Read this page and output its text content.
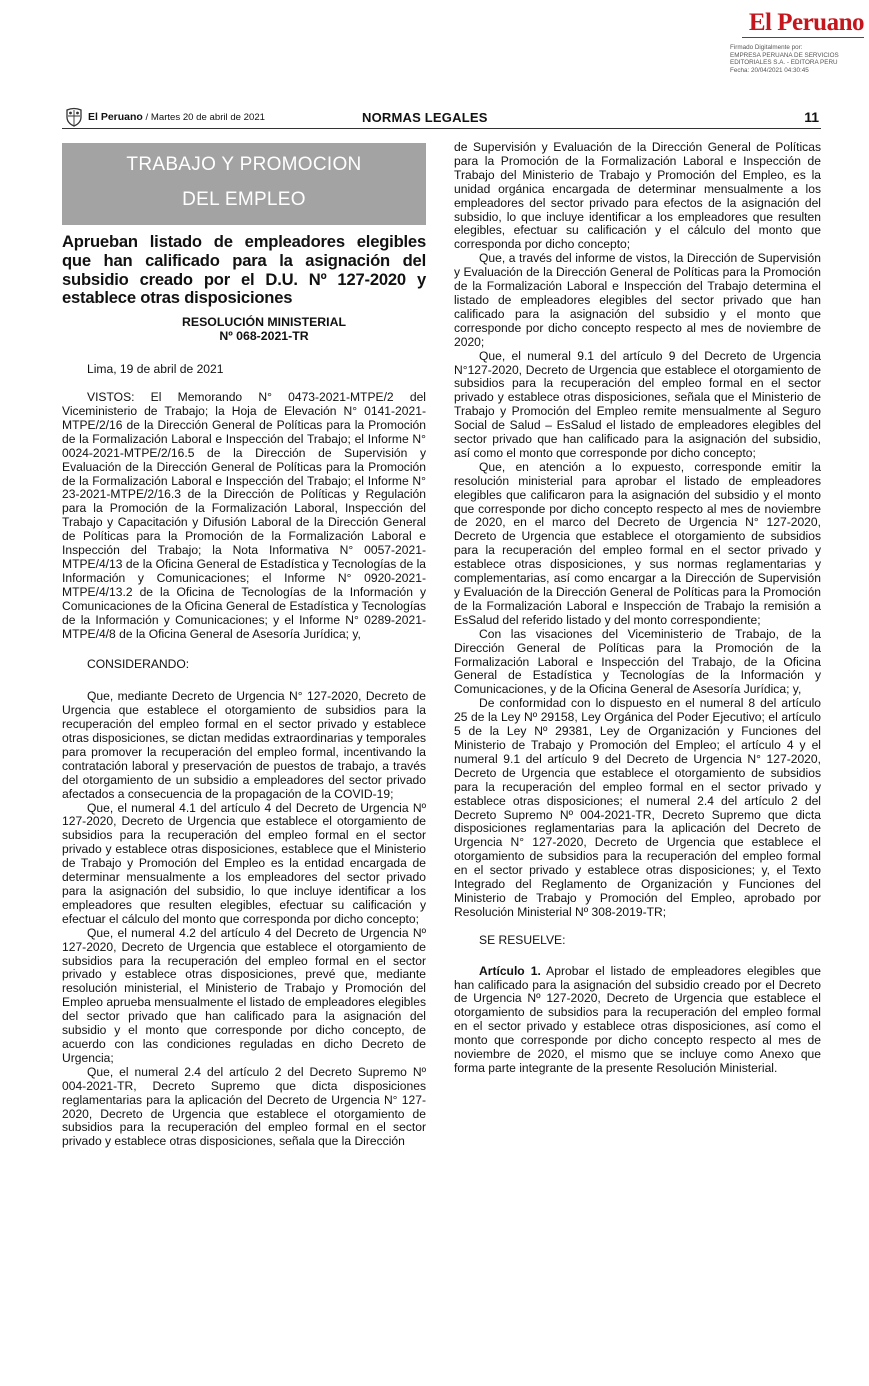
El Peruano
Firmado Digitalmente por:
EMPRESA PERUANA DE SERVICIOS
EDITORIALES S.A. - EDITORA PERU
Fecha: 20/04/2021 04:30:45
El Peruano / Martes 20 de abril de 2021	NORMAS LEGALES	11
TRABAJO Y PROMOCION
DEL EMPLEO
Aprueban listado de empleadores elegibles que han calificado para la asignación del subsidio creado por el D.U. Nº 127-2020 y establece otras disposiciones
RESOLUCIÓN MINISTERIAL
Nº 068-2021-TR

Lima, 19 de abril de 2021

VISTOS: El Memorando N° 0473-2021-MTPE/2 del Viceministerio de Trabajo; la Hoja de Elevación N° 0141-2021-MTPE/2/16 de la Dirección General de Políticas para la Promoción de la Formalización Laboral e Inspección del Trabajo; el Informe N° 0024-2021-MTPE/2/16.5 de la Dirección de Supervisión y Evaluación de la Dirección General de Políticas para la Promoción de la Formalización Laboral e Inspección del Trabajo; el Informe N° 23-2021-MTPE/2/16.3 de la Dirección de Políticas y Regulación para la Promoción de la Formalización Laboral, Inspección del Trabajo y Capacitación y Difusión Laboral de la Dirección General de Políticas para la Promoción de la Formalización Laboral e Inspección del Trabajo; la Nota Informativa N° 0057-2021-MTPE/4/13 de la Oficina General de Estadística y Tecnologías de la Información y Comunicaciones; el Informe N° 0920-2021-MTPE/4/13.2 de la Oficina de Tecnologías de la Información y Comunicaciones de la Oficina General de Estadística y Tecnologías de la Información y Comunicaciones; y el Informe N° 0289-2021-MTPE/4/8 de la Oficina General de Asesoría Jurídica; y,

CONSIDERANDO:

Que, mediante Decreto de Urgencia N° 127-2020, Decreto de Urgencia que establece el otorgamiento de subsidios para la recuperación del empleo formal en el sector privado y establece otras disposiciones, se dictan medidas extraordinarias y temporales para promover la recuperación del empleo formal, incentivando la contratación laboral y preservación de puestos de trabajo, a través del otorgamiento de un subsidio a empleadores del sector privado afectados a consecuencia de la propagación de la COVID-19;

Que, el numeral 4.1 del artículo 4 del Decreto de Urgencia Nº 127-2020, Decreto de Urgencia que establece el otorgamiento de subsidios para la recuperación del empleo formal en el sector privado y establece otras disposiciones, establece que el Ministerio de Trabajo y Promoción del Empleo es la entidad encargada de determinar mensualmente a los empleadores del sector privado para la asignación del subsidio, lo que incluye identificar a los empleadores que resulten elegibles, efectuar su calificación y efectuar el cálculo del monto que corresponda por dicho concepto;

Que, el numeral 4.2 del artículo 4 del Decreto de Urgencia Nº 127-2020, Decreto de Urgencia que establece el otorgamiento de subsidios para la recuperación del empleo formal en el sector privado y establece otras disposiciones, prevé que, mediante resolución ministerial, el Ministerio de Trabajo y Promoción del Empleo aprueba mensualmente el listado de empleadores elegibles del sector privado que han calificado para la asignación del subsidio y el monto que corresponde por dicho concepto, de acuerdo con las condiciones reguladas en dicho Decreto de Urgencia;

Que, el numeral 2.4 del artículo 2 del Decreto Supremo Nº 004-2021-TR, Decreto Supremo que dicta disposiciones reglamentarias para la aplicación del Decreto de Urgencia N° 127-2020, Decreto de Urgencia que establece el otorgamiento de subsidios para la recuperación del empleo formal en el sector privado y establece otras disposiciones, señala que la Dirección

de Supervisión y Evaluación de la Dirección General de Políticas para la Promoción de la Formalización Laboral e Inspección de Trabajo del Ministerio de Trabajo y Promoción del Empleo, es la unidad orgánica encargada de determinar mensualmente a los empleadores del sector privado para efectos de la asignación del subsidio, lo que incluye identificar a los empleadores que resulten elegibles, efectuar su calificación y el cálculo del monto que corresponda por dicho concepto;

Que, a través del informe de vistos, la Dirección de Supervisión y Evaluación de la Dirección General de Políticas para la Promoción de la Formalización Laboral e Inspección del Trabajo determina el listado de empleadores elegibles del sector privado que han calificado para la asignación del subsidio y el monto que corresponde por dicho concepto respecto al mes de noviembre de 2020;

Que, el numeral 9.1 del artículo 9 del Decreto de Urgencia N°127-2020, Decreto de Urgencia que establece el otorgamiento de subsidios para la recuperación del empleo formal en el sector privado y establece otras disposiciones, señala que el Ministerio de Trabajo y Promoción del Empleo remite mensualmente al Seguro Social de Salud – EsSalud el listado de empleadores elegibles del sector privado que han calificado para la asignación del subsidio, así como el monto que corresponde por dicho concepto;

Que, en atención a lo expuesto, corresponde emitir la resolución ministerial para aprobar el listado de empleadores elegibles que calificaron para la asignación del subsidio y el monto que corresponde por dicho concepto respecto al mes de noviembre de 2020, en el marco del Decreto de Urgencia N° 127-2020, Decreto de Urgencia que establece el otorgamiento de subsidios para la recuperación del empleo formal en el sector privado y establece otras disposiciones, y sus normas reglamentarias y complementarias, así como encargar a la Dirección de Supervisión y Evaluación de la Dirección General de Políticas para la Promoción de la Formalización Laboral e Inspección de Trabajo la remisión a EsSalud del referido listado y del monto correspondiente;

Con las visaciones del Viceministerio de Trabajo, de la Dirección General de Políticas para la Promoción de la Formalización Laboral e Inspección del Trabajo, de la Oficina General de Estadística y Tecnologías de la Información y Comunicaciones, y de la Oficina General de Asesoría Jurídica; y,

De conformidad con lo dispuesto en el numeral 8 del artículo 25 de la Ley Nº 29158, Ley Orgánica del Poder Ejecutivo; el artículo 5 de la Ley Nº 29381, Ley de Organización y Funciones del Ministerio de Trabajo y Promoción del Empleo; el artículo 4 y el numeral 9.1 del artículo 9 del Decreto de Urgencia N° 127-2020, Decreto de Urgencia que establece el otorgamiento de subsidios para la recuperación del empleo formal en el sector privado y establece otras disposiciones; el numeral 2.4 del artículo 2 del Decreto Supremo Nº 004-2021-TR, Decreto Supremo que dicta disposiciones reglamentarias para la aplicación del Decreto de Urgencia N° 127-2020, Decreto de Urgencia que establece el otorgamiento de subsidios para la recuperación del empleo formal en el sector privado y establece otras disposiciones; y, el Texto Integrado del Reglamento de Organización y Funciones del Ministerio de Trabajo y Promoción del Empleo, aprobado por Resolución Ministerial Nº 308-2019-TR;

SE RESUELVE:

Artículo 1. Aprobar el listado de empleadores elegibles que han calificado para la asignación del subsidio creado por el Decreto de Urgencia Nº 127-2020, Decreto de Urgencia que establece el otorgamiento de subsidios para la recuperación del empleo formal en el sector privado y establece otras disposiciones, así como el monto que corresponde por dicho concepto respecto al mes de noviembre de 2020, el mismo que se incluye como Anexo que forma parte integrante de la presente Resolución Ministerial.
